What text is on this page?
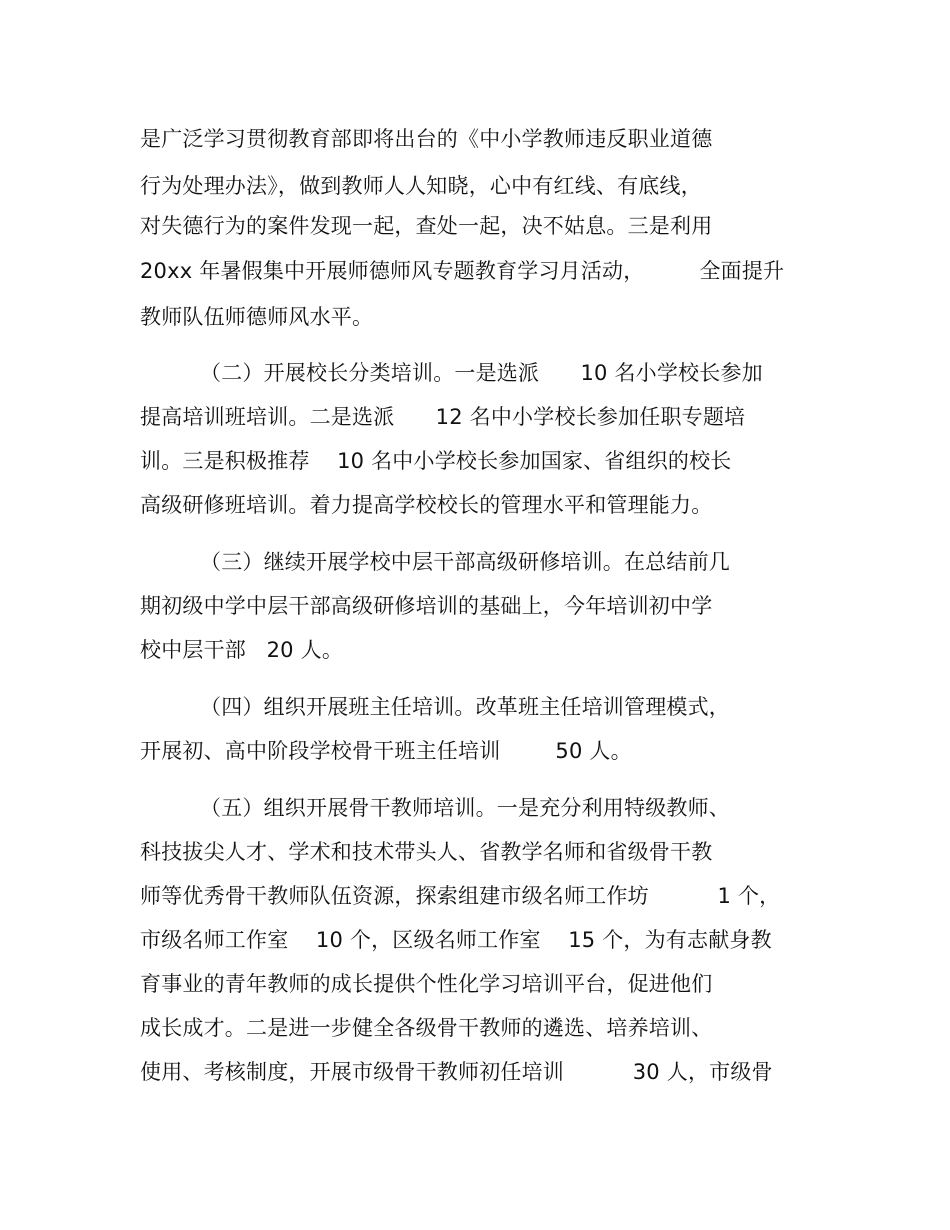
是广泛学习贯彻教育部即将出台的《中小学教师违反职业道德
行为处理办法》，做到教师人人知晓，心中有红线、有底线，
对失德行为的案件发现一起，查处一起，决不姑息。三是利用
20xx 年暑假集中开展师德师风专题教育学习月活动，        全面提升
教师队伍师德师风水平。
（二）开展校长分类培训。一是选派      10 名小学校长参加
提高培训班培训。二是选派      12 名中小学校长参加任职专题培
训。三是积极推荐    10 名中小学校长参加国家、省组织的校长
高级研修班培训。着力提高学校校长的管理水平和管理能力。
（三）继续开展学校中层干部高级研修培训。在总结前几
期初级中学中层干部高级研修培训的基础上，今年培训初中学
校中层干部   20 人。
（四）组织开展班主任培训。改革班主任培训管理模式，
开展初、高中阶段学校骨干班主任培训        50 人。
（五）组织开展骨干教师培训。一是充分利用特级教师、
科技拔尖人才、学术和技术带头人、省教学名师和省级骨干教
师等优秀骨干教师队伍资源，探索组建市级名师工作坊          1 个，
市级名师工作室    10 个，区级名师工作室    15 个，为有志献身教
育事业的青年教师的成长提供个性化学习培训平台，促进他们
成长成才。二是进一步健全各级骨干教师的遴选、培养培训、
使用、考核制度，开展市级骨干教师初任培训          30 人，市级骨
